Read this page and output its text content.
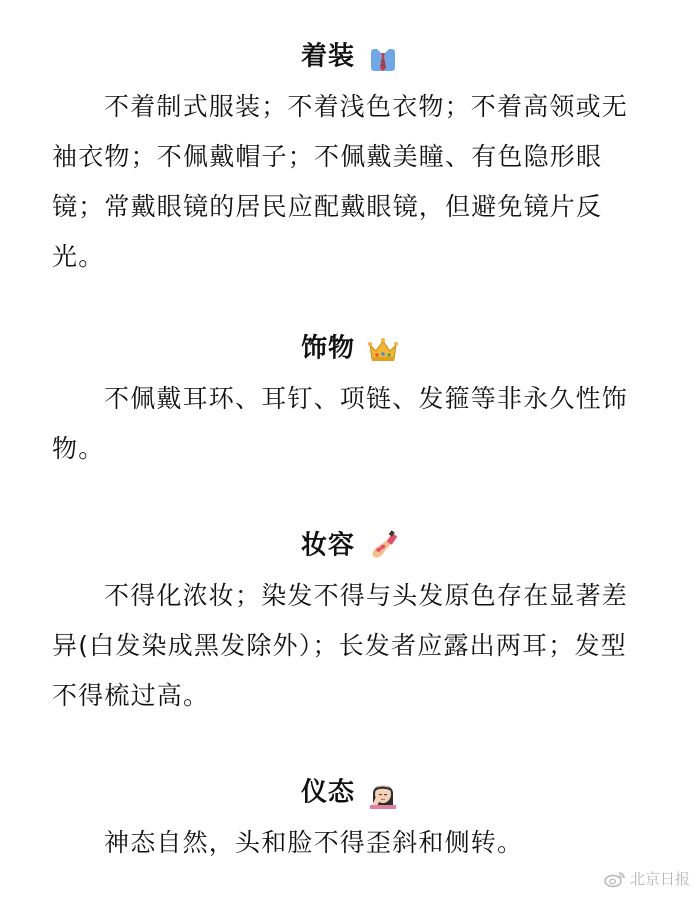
着装
不着制式服装；不着浅色衣物；不着高领或无袖衣物；不佩戴帽子；不佩戴美瞳、有色隐形眼镜；常戴眼镜的居民应配戴眼镜，但避免镜片反光。
饰物
不佩戴耳环、耳钉、项链、发箍等非永久性饰物。
妆容
不得化浓妆；染发不得与头发原色存在显著差异(白发染成黑发除外）；长发者应露出两耳；发型不得梳过高。
仪态
神态自然，头和脸不得歪斜和侧转。
北京日报
